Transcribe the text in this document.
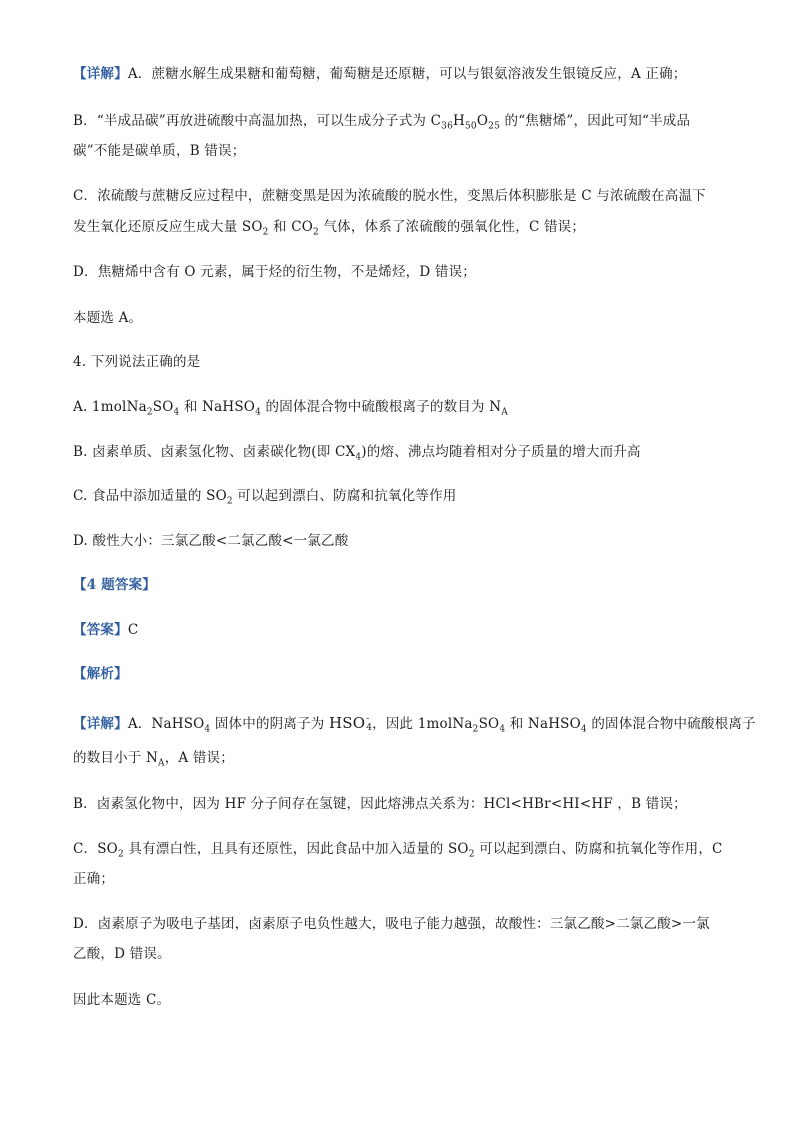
【详解】A．蔗糖水解生成果糖和葡萄糖，葡萄糖是还原糖，可以与银氨溶液发生银镜反应，A 正确；
B．“半成品碳”再放进硫酸中高温加热，可以生成分子式为 $C_{36}H_{50}O_{25}$ 的“焦糖烯”，因此可知“半成品
碳”不能是碳单质，B 错误；
C．浓硫酸与蔗糖反应过程中，蔗糖变黑是因为浓硫酸的脱水性，变黑后体积膨胀是 C 与浓硫酸在高温下
发生氧化还原反应生成大量 $SO_2$ 和 $CO_2$ 气体，体系了浓硫酸的强氧化性，C 错误；
D．焦糖烯中含有 O 元素，属于烃的衍生物，不是烯烃，D 错误；
本题选 A。
4. 下列说法正确的是
A. $1molNa_2SO_4$ 和 NaHSO$_4$ 的固体混合物中硫酸根离子的数目为 $N_A$
B. 卤素单质、卤素氢化物、卤素碳化物(即 $CX_4$)的熔、沸点均随着相对分子质量的增大而升高
C. 食品中添加适量的 $SO_2$ 可以起到漂白、防腐和抗氧化等作用
D. 酸性大小：三氯乙酸<二氯乙酸<一氯乙酸
【4 题答案】
【答案】C
【解析】
【详解】A．NaHSO$_4$ 固体中的阴离子为 HSO -
4 ，因此 $1molNa_2SO_4$ 和 NaHSO$_4$ 的固体混合物中硫酸根离子
的数目小于 $N_A$，A 错误；
B．卤素氢化物中，因为 HF 分子间存在氢键，因此熔沸点关系为：HCl<HBr<HI<HF ，B 错误；
C．$SO_2$ 具有漂白性，且具有还原性，因此食品中加入适量的 $SO_2$ 可以起到漂白、防腐和抗氧化等作用，C
正确；
D．卤素原子为吸电子基团，卤素原子电负性越大，吸电子能力越强，故酸性：三氯乙酸>二氯乙酸>一氯
乙酸，D 错误。
因此本题选 C。
